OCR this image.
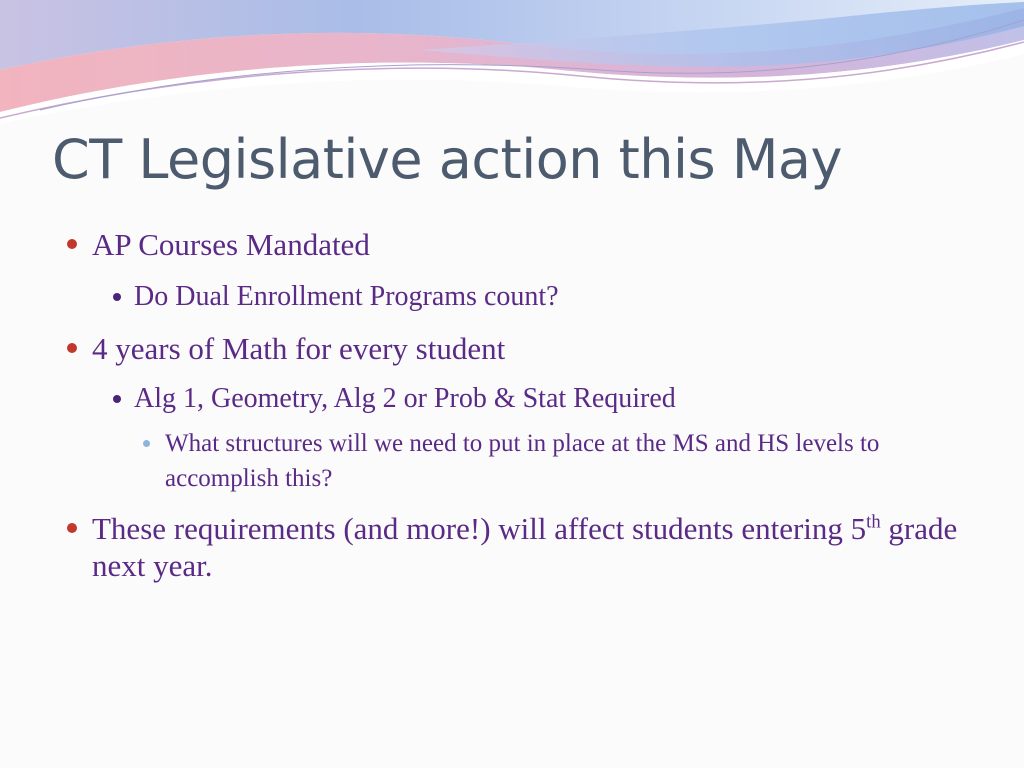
CT Legislative action this May
AP Courses Mandated
Do Dual Enrollment Programs count?
4 years of Math for every student
Alg 1, Geometry, Alg 2 or Prob & Stat Required
What structures will we need to put in place at the MS and HS levels to accomplish this?
These requirements (and more!) will affect students entering 5th grade next year.
